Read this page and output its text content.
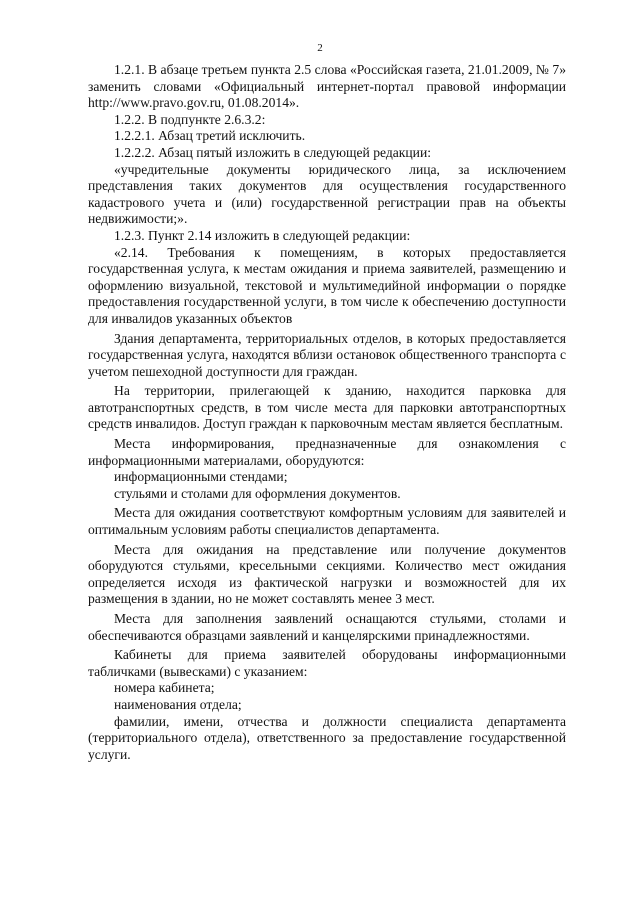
2

1.2.1. В абзаце третьем пункта 2.5 слова «Российская газета, 21.01.2009, № 7» заменить словами «Официальный интернет-портал правовой информации http://www.pravo.gov.ru, 01.08.2014».

1.2.2. В подпункте 2.6.3.2:

1.2.2.1. Абзац третий исключить.

1.2.2.2. Абзац пятый изложить в следующей редакции:

«учредительные документы юридического лица, за исключением представления таких документов для осуществления государственного кадастрового учета и (или) государственной регистрации прав на объекты недвижимости;».

1.2.3. Пункт 2.14 изложить в следующей редакции:

«2.14. Требования к помещениям, в которых предоставляется государственная услуга, к местам ожидания и приема заявителей, размещению и оформлению визуальной, текстовой и мультимедийной информации о порядке предоставления государственной услуги, в том числе к обеспечению доступности для инвалидов указанных объектов

Здания департамента, территориальных отделов, в которых предоставляется государственная услуга, находятся вблизи остановок общественного транспорта с учетом пешеходной доступности для граждан.

На территории, прилегающей к зданию, находится парковка для автотранспортных средств, в том числе места для парковки автотранспортных средств инвалидов. Доступ граждан к парковочным местам является бесплатным.

Места информирования, предназначенные для ознакомления с информационными материалами, оборудуются:

информационными стендами;

стульями и столами для оформления документов.

Места для ожидания соответствуют комфортным условиям для заявителей и оптимальным условиям работы специалистов департамента.

Места для ожидания на представление или получение документов оборудуются стульями, кресельными секциями. Количество мест ожидания определяется исходя из фактической нагрузки и возможностей для их размещения в здании, но не может составлять менее 3 мест.

Места для заполнения заявлений оснащаются стульями, столами и обеспечиваются образцами заявлений и канцелярскими принадлежностями.

Кабинеты для приема заявителей оборудованы информационными табличками (вывесками) с указанием:

номера кабинета;

наименования отдела;

фамилии, имени, отчества и должности специалиста департамента (территориального отдела), ответственного за предоставление государственной услуги.
